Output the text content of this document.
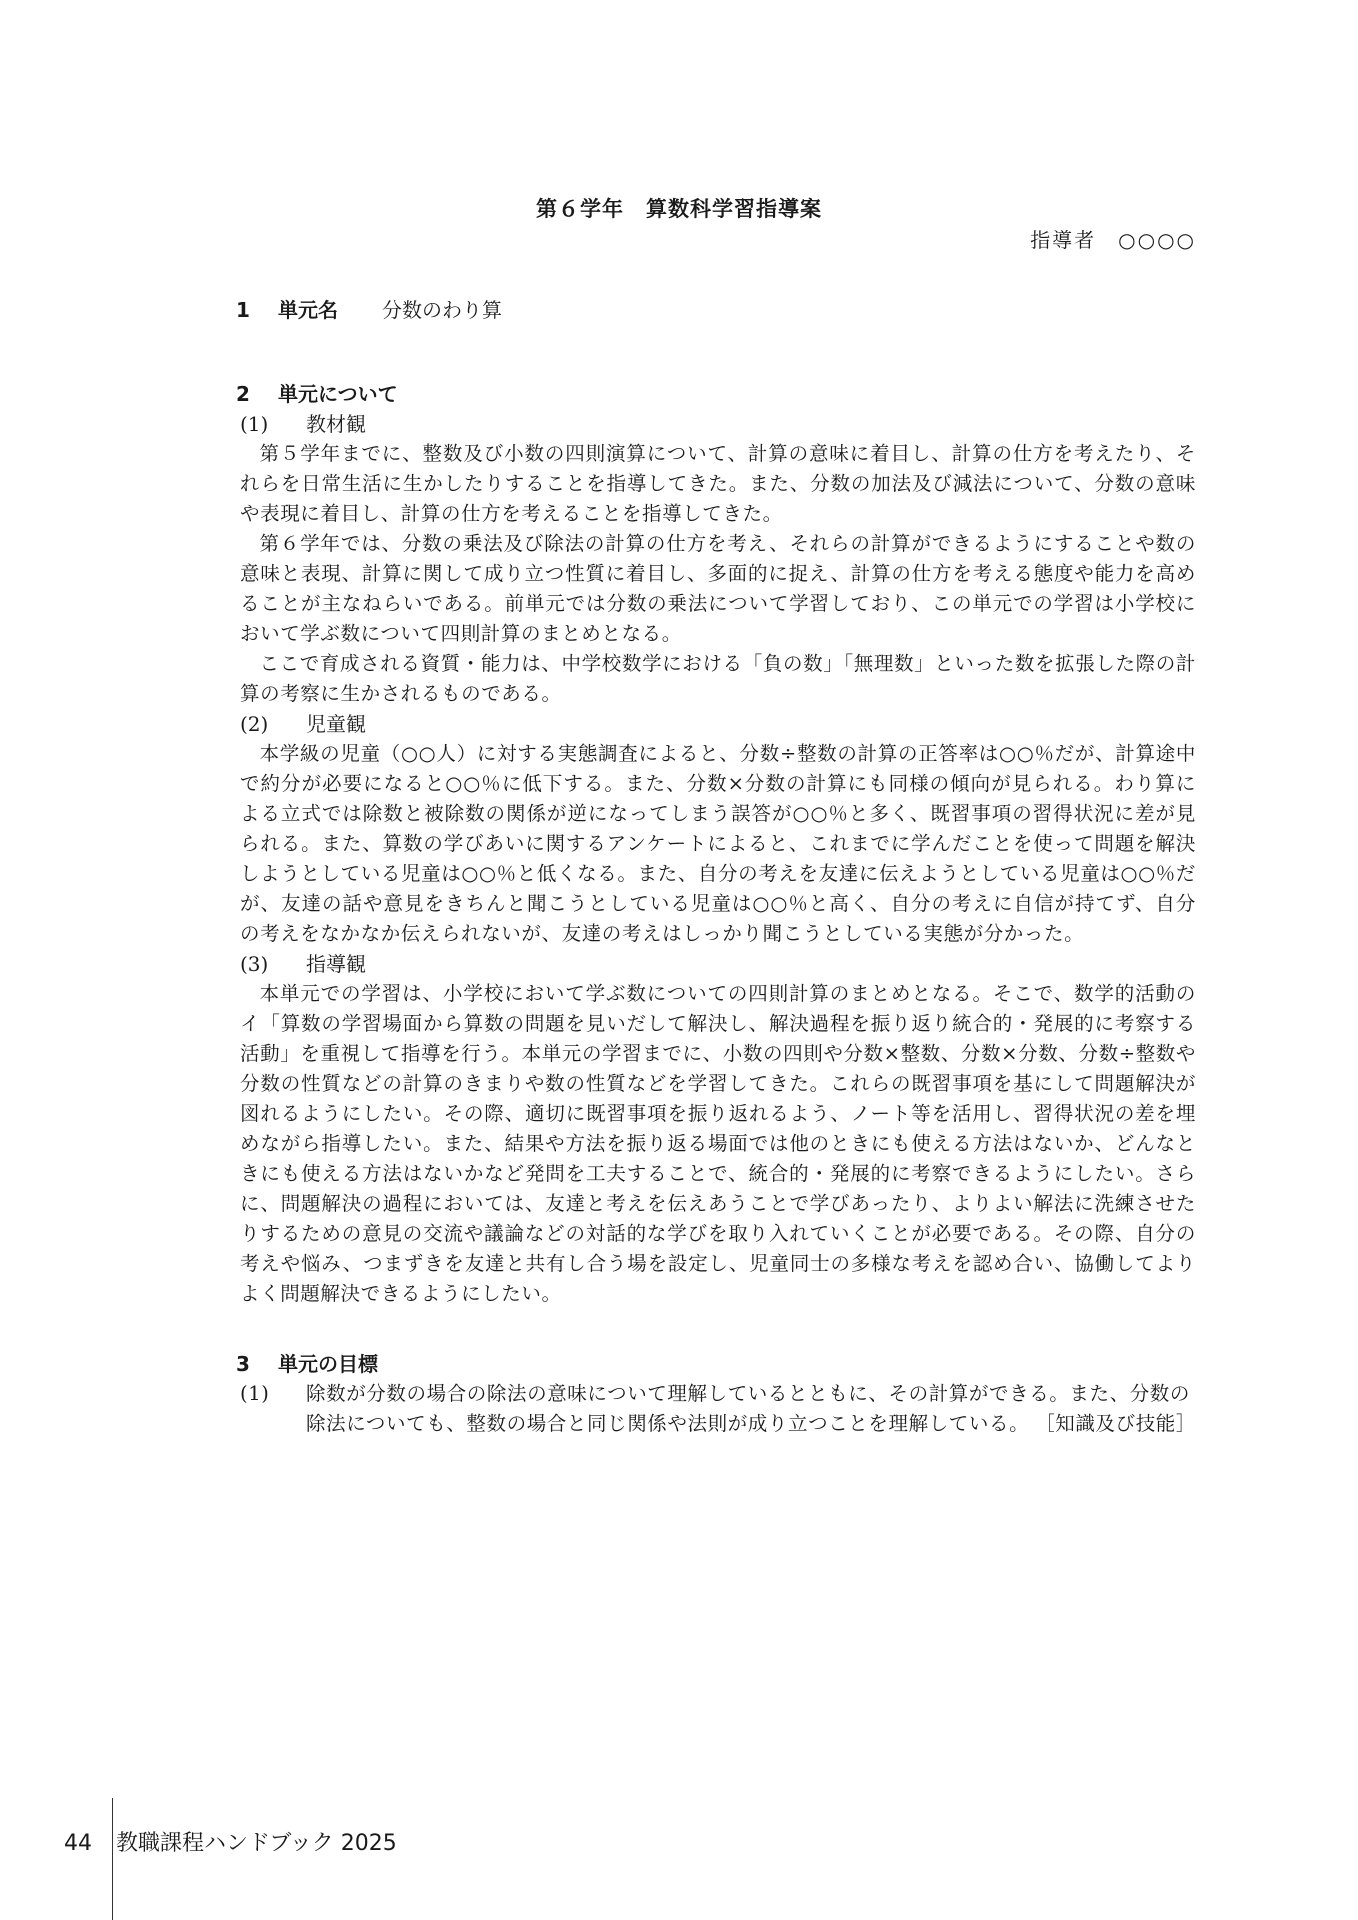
第６学年　算数科学習指導案
指導者　○○○○
1 単元名 分数のわり算
2 単元について
(1) 教材観

第５学年までに、整数及び小数の四則演算について、計算の意味に着目し、計算の仕方を考えたり、それらを日常生活に生かしたりすることを指導してきた。また、分数の加法及び減法について、分数の意味や表現に着目し、計算の仕方を考えることを指導してきた。

第６学年では、分数の乗法及び除法の計算の仕方を考え、それらの計算ができるようにすることや数の意味と表現、計算に関して成り立つ性質に着目し、多面的に捉え、計算の仕方を考える態度や能力を高めることが主なねらいである。前単元では分数の乗法について学習しており、この単元での学習は小学校において学ぶ数について四則計算のまとめとなる。

ここで育成される資質・能力は、中学校数学における「負の数」「無理数」といった数を拡張した際の計算の考察に生かされるものである。

(2) 児童観

本学級の児童（○○人）に対する実態調査によると、分数÷整数の計算の正答率は○○％だが、計算途中で約分が必要になると○○％に低下する。また、分数×分数の計算にも同様の傾向が見られる。わり算による立式では除数と被除数の関係が逆になってしまう誤答が○○％と多く、既習事項の習得状況に差が見られる。また、算数の学びあいに関するアンケートによると、これまでに学んだことを使って問題を解決しようとしている児童は○○％と低くなる。また、自分の考えを友達に伝えようとしている児童は○○％だが、友達の話や意見をきちんと聞こうとしている児童は○○％と高く、自分の考えに自信が持てず、自分の考えをなかなか伝えられないが、友達の考えはしっかり聞こうとしている実態が分かった。

(3) 指導観

本単元での学習は、小学校において学ぶ数についての四則計算のまとめとなる。そこで、数学的活動のイ「算数の学習場面から算数の問題を見いだして解決し、解決過程を振り返り統合的・発展的に考察する活動」を重視して指導を行う。本単元の学習までに、小数の四則や分数×整数、分数×分数、分数÷整数や分数の性質などの計算のきまりや数の性質などを学習してきた。これらの既習事項を基にして問題解決が図れるようにしたい。その際、適切に既習事項を振り返れるよう、ノート等を活用し、習得状況の差を埋めながら指導したい。また、結果や方法を振り返る場面では他のときにも使える方法はないか、どんなときにも使える方法はないかなど発問を工夫することで、統合的・発展的に考察できるようにしたい。さらに、問題解決の過程においては、友達と考えを伝えあうことで学びあったり、よりよい解法に洗練させたりするための意見の交流や議論などの対話的な学びを取り入れていくことが必要である。その際、自分の考えや悩み、つまずきを友達と共有し合う場を設定し、児童同士の多様な考えを認め合い、協働してよりよく問題解決できるようにしたい。

3 単元の目標
(1) 除数が分数の場合の除法の意味について理解しているとともに、その計算ができる。また、分数の除法についても、整数の場合と同じ関係や法則が成り立つことを理解している。 ［知識及び技能］
44 教職課程ハンドブック 2025
